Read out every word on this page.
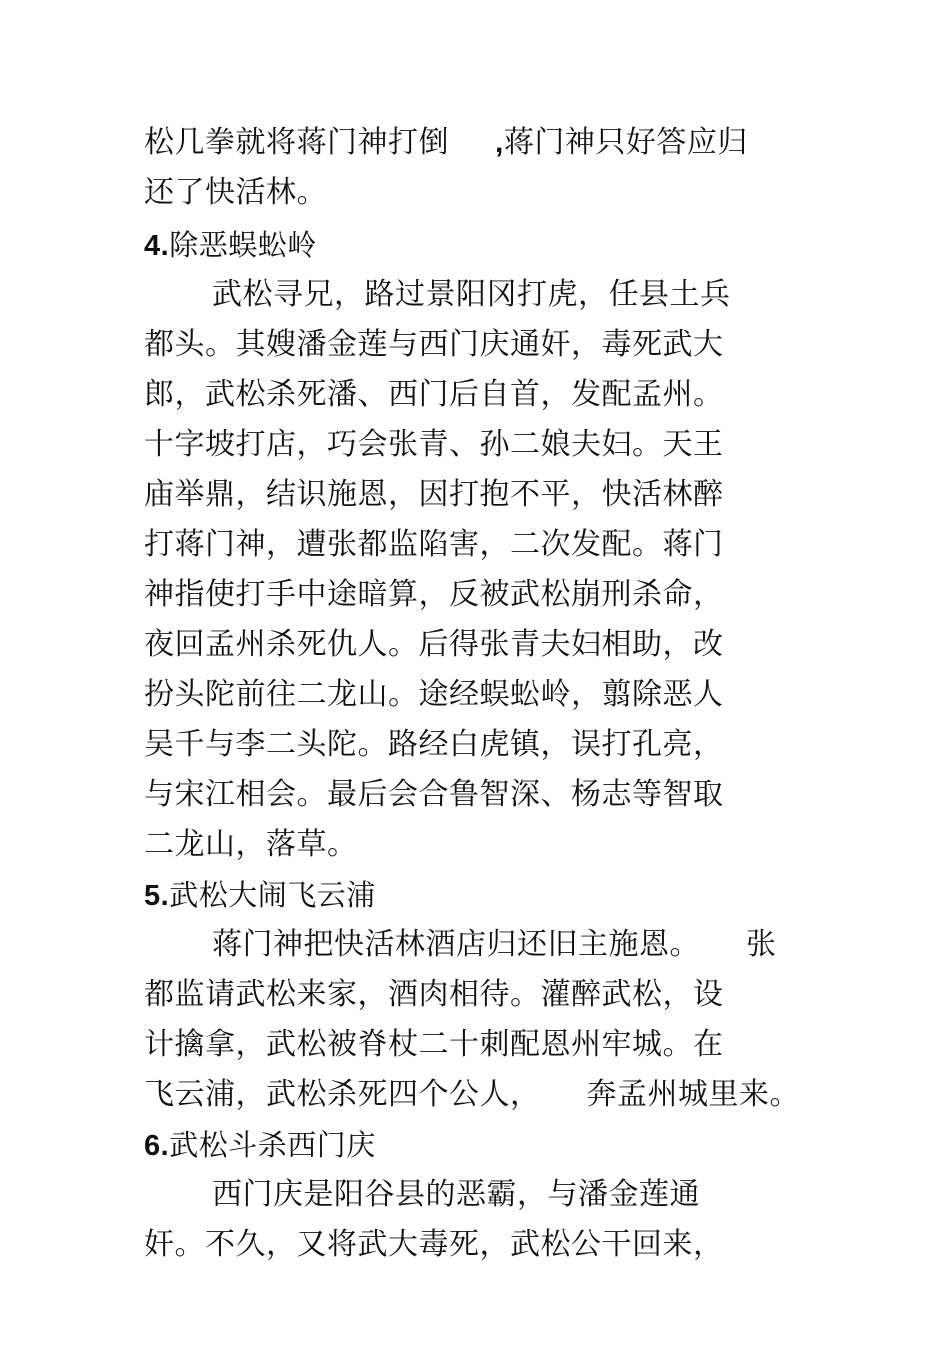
松几拳就将蒋门神打倒 ,蒋门神只好答应归
还了快活林。
4.除恶蜈蚣岭
武松寻兄，路过景阳冈打虎，任县土兵
都头。其嫂潘金莲与西门庆通奸，毒死武大
郎，武松杀死潘、西门后自首，发配孟州。
十字坡打店，巧会张青、孙二娘夫妇。天王
庙举鼎，结识施恩，因打抱不平，快活林醉
打蒋门神，遭张都监陷害，二次发配。蒋门
神指使打手中途暗算，反被武松崩刑杀命，
夜回孟州杀死仇人。后得张青夫妇相助，改
扮头陀前往二龙山。途经蜈蚣岭，翦除恶人
吴千与李二头陀。路经白虎镇，误打孔亮，
与宋江相会。最后会合鲁智深、杨志等智取
二龙山，落草。
5.武松大闹飞云浦
蒋门神把快活林酒店归还旧主施恩。 张
都监请武松来家，酒肉相待。灌醉武松，设
计擒拿，武松被脊杖二十刺配恩州牢城。在
飞云浦，武松杀死四个公人， 奔孟州城里来。
6.武松斗杀西门庆
西门庆是阳谷县的恶霸，与潘金莲通
奸。不久，又将武大毒死，武松公干回来，
